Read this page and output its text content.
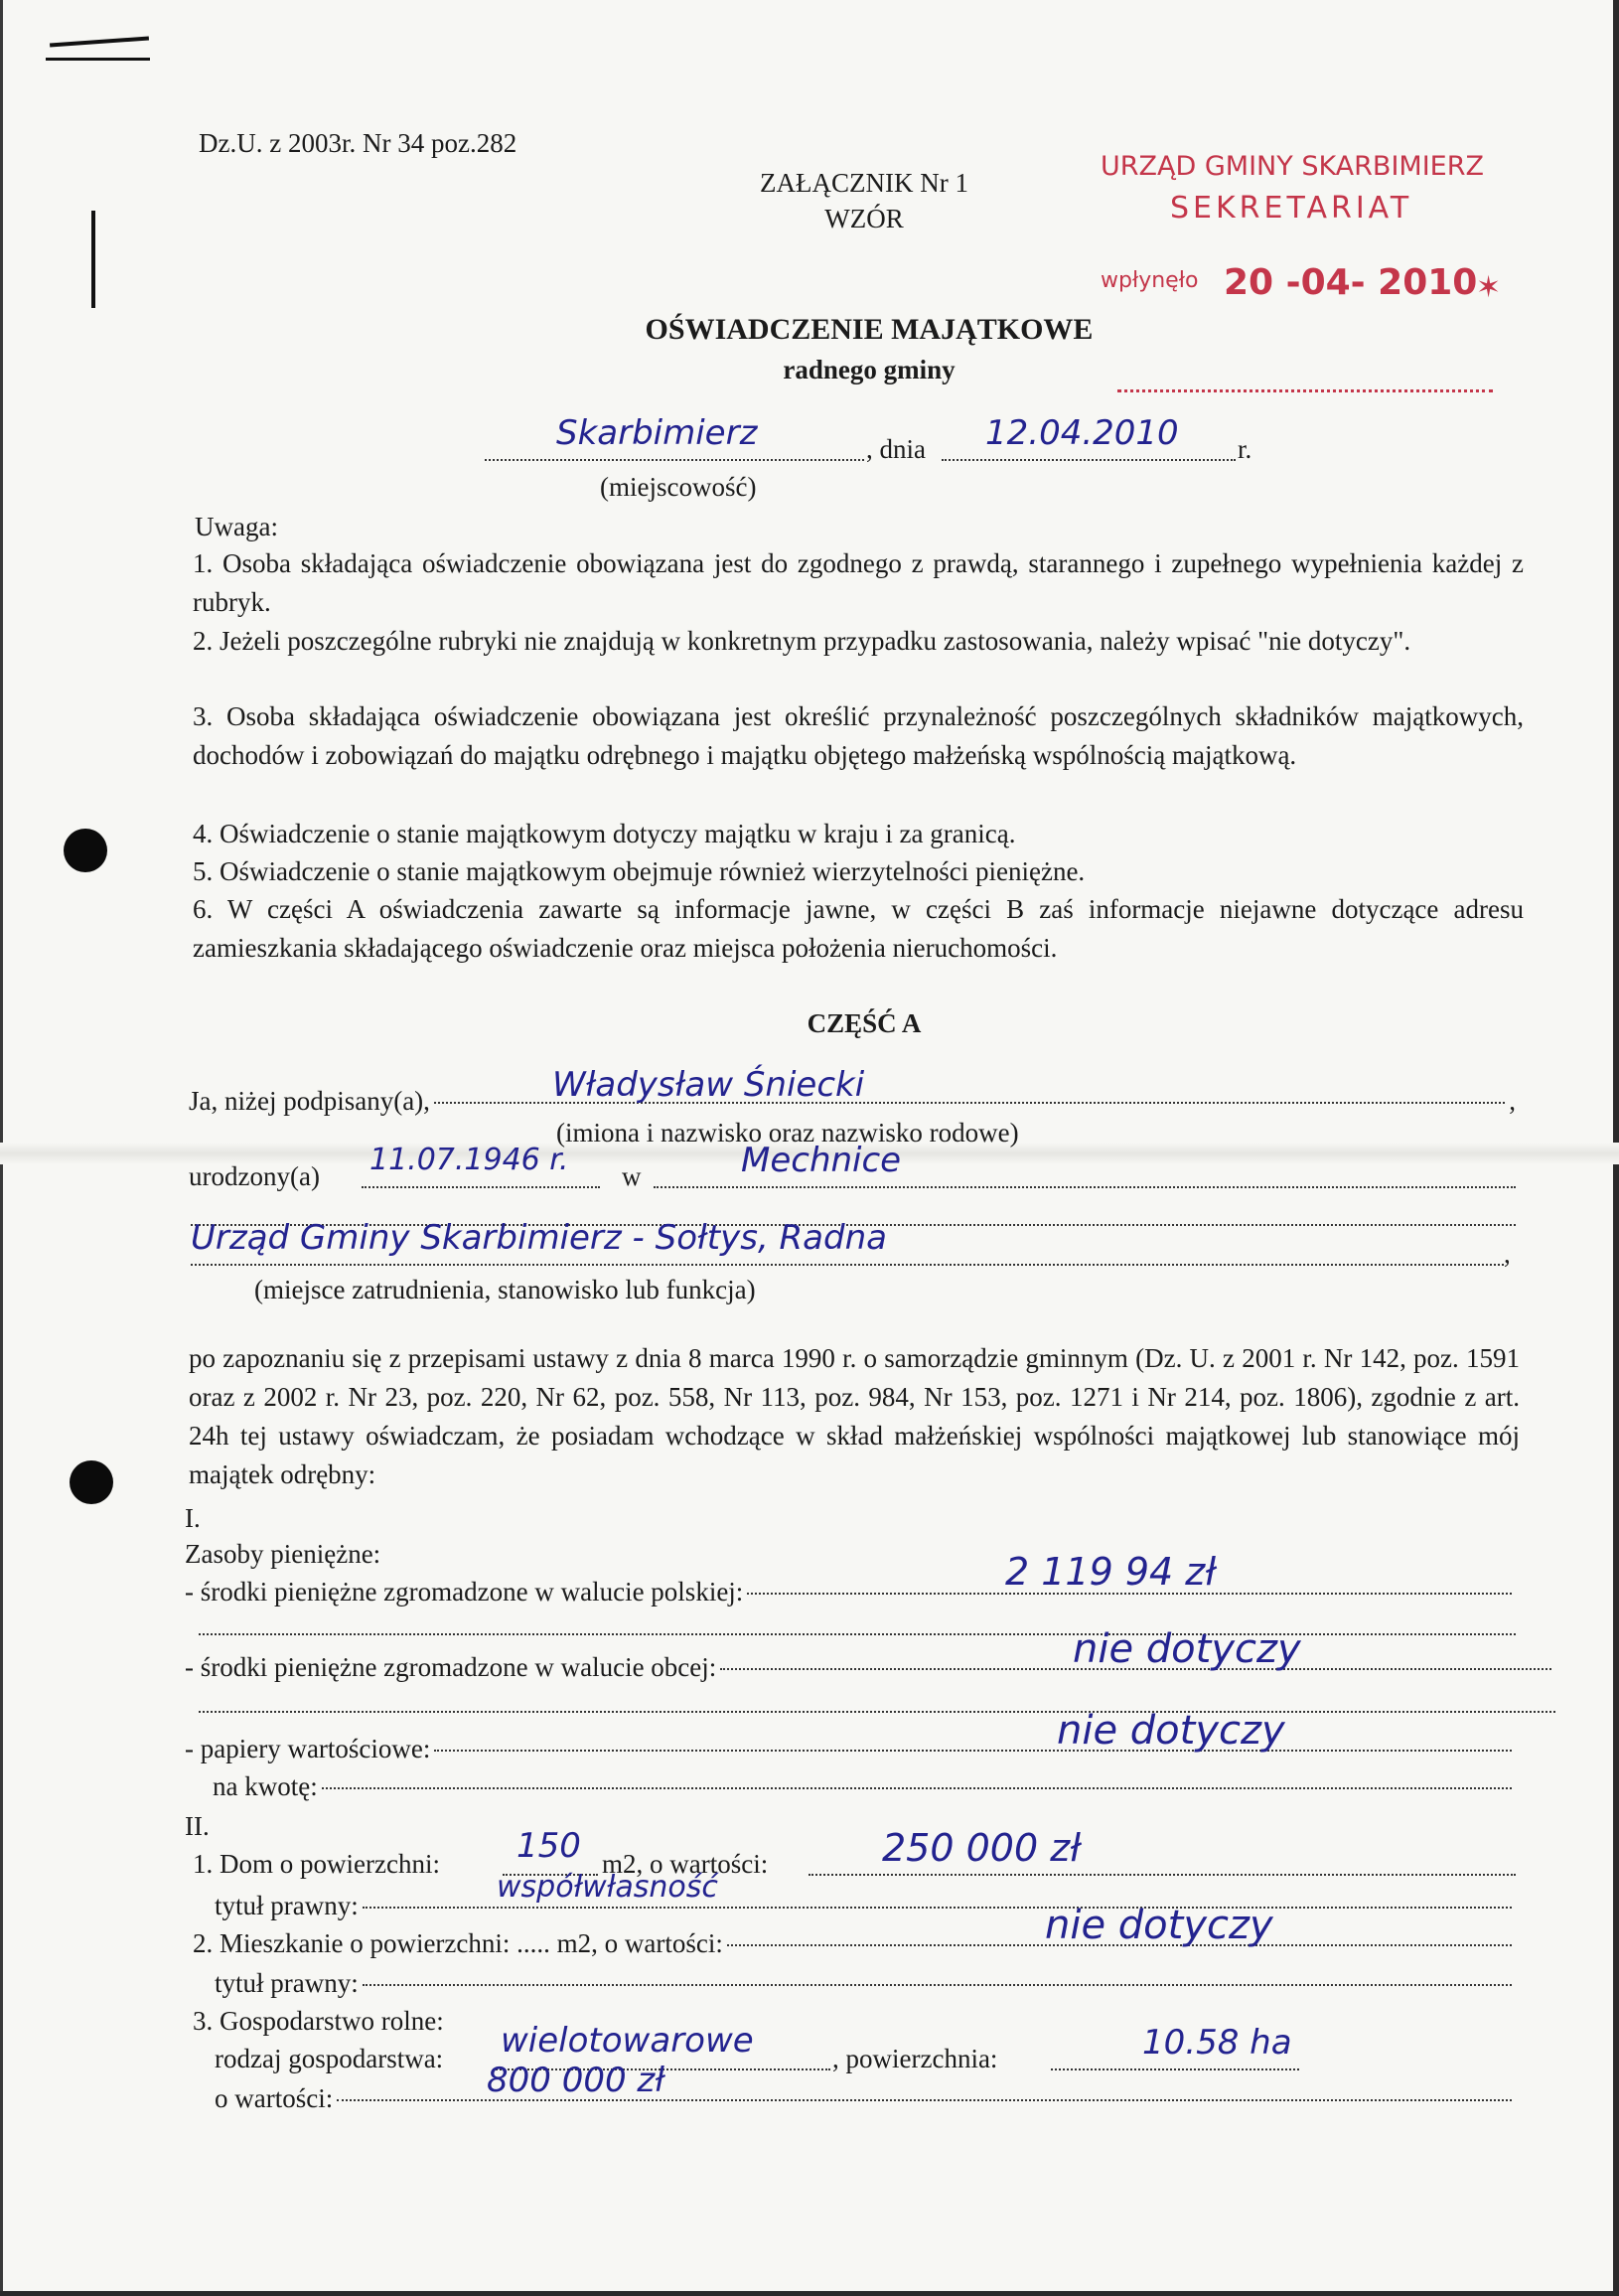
Dz.U. z 2003r. Nr 34 poz.282
ZAŁĄCZNIK Nr 1
WZÓR
URZĄD GMINY SKARBIMIERZ
SEKRETARIAT
wpłynęło 20 -04- 2010
✶
OŚWIADCZENIE MAJĄTKOWE
radnego gminy
Skarbimierz	, dnia 12.04.2010 r.
(miejscowość)
Uwaga:
1. Osoba składająca oświadczenie obowiązana jest do zgodnego z prawdą, starannego i zupełnego wypełnienia każdej z rubryk.
2. Jeżeli poszczególne rubryki nie znajdują w konkretnym przypadku zastosowania, należy wpisać "nie dotyczy".
3. Osoba składająca oświadczenie obowiązana jest określić przynależność poszczególnych składników majątkowych, dochodów i zobowiązań do majątku odrębnego i majątku objętego małżeńską wspólnością majątkową.
4. Oświadczenie o stanie majątkowym dotyczy majątku w kraju i za granicą.
5. Oświadczenie o stanie majątkowym obejmuje również wierzytelności pieniężne.
6. W części A oświadczenia zawarte są informacje jawne, w części B zaś informacje niejawne dotyczące adresu zamieszkania składającego oświadczenie oraz miejsca położenia nieruchomości.
CZĘŚĆ A
Ja, niżej podpisany(a),	,
Władysław Śniecki
(imiona i nazwisko oraz nazwisko rodowe)
urodzony(a) 11.07.1946 r. w	Mechnice
,
Urząd Gminy Skarbimierz - Sołtys, Radna
(miejsce zatrudnienia, stanowisko lub funkcja)
po zapoznaniu się z przepisami ustawy z dnia 8 marca 1990 r. o samorządzie gminnym (Dz. U. z 2001 r. Nr 142, poz. 1591 oraz z 2002 r. Nr 23, poz. 220, Nr 62, poz. 558, Nr 113, poz. 984, Nr 153, poz. 1271 i Nr 214, poz. 1806), zgodnie z art. 24h tej ustawy oświadczam, że posiadam wchodzące w skład małżeńskiej wspólności majątkowej lub stanowiące mój majątek odrębny:
I.
Zasoby pieniężne:
- środki pieniężne zgromadzone w walucie polskiej:	2 119 94 zł
- środki pieniężne zgromadzone w walucie obcej:	nie dotyczy
- papiery wartościowe:	nie dotyczy
na kwotę:
II.
1. Dom o powierzchni: 150 m2, o wartości:	250 000 zł
tytuł prawny:
współwłasność
2. Mieszkanie o powierzchni: ..... m2, o wartości:	nie dotyczy
tytuł prawny:
3. Gospodarstwo rolne:
rodzaj gospodarstwa: wielotowarowe	, powierzchnia:	10.58 ha
o wartości:	800 000 zł
